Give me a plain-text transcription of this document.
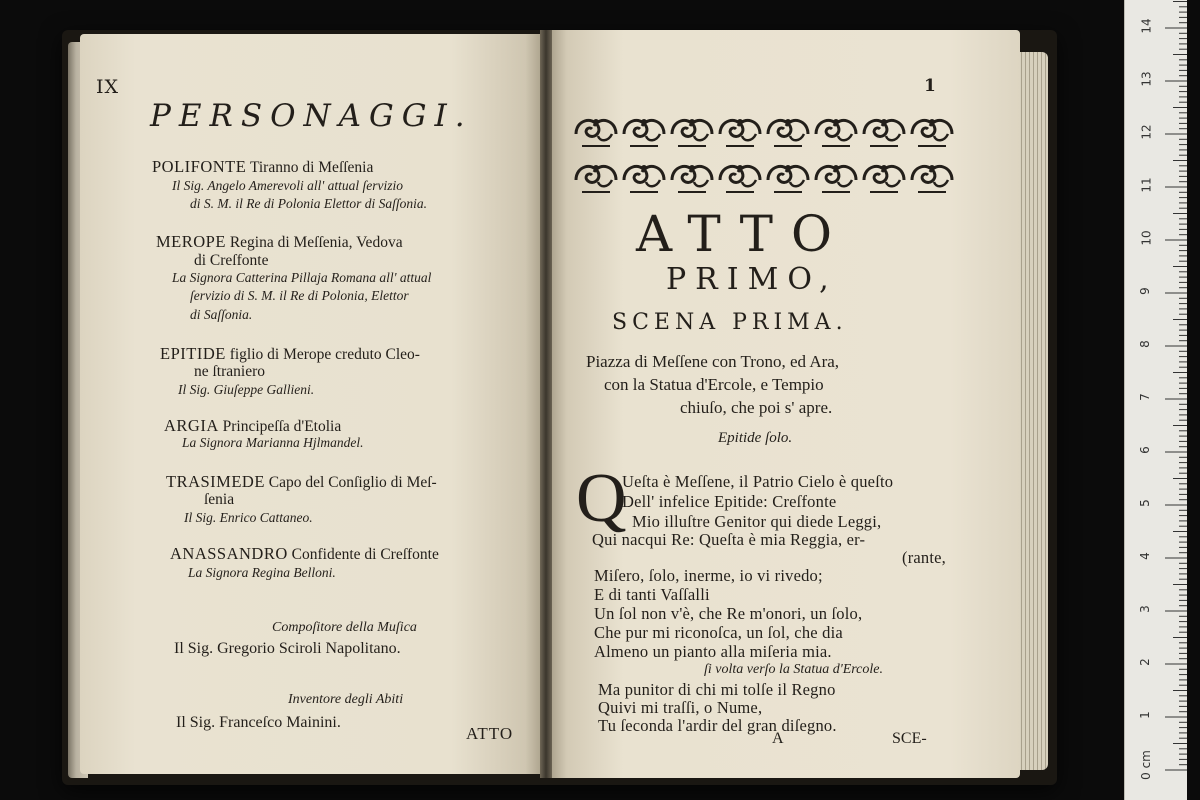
IX
PERSONAGGI.
POLIFONTE Tiranno di Meſſenia
Il Sig. Angelo Amerevoli all' attual ſervizio
di S. M. il Re di Polonia Elettor di Saſſonia.
MEROPE Regina di Meſſenia, Vedova
di Creſfonte
La Signora Catterina Pillaja Romana all' attual
ſervizio di S. M. il Re di Polonia, Elettor
di Saſſonia.
EPITIDE figlio di Merope creduto Cleo-
ne ſtraniero
Il Sig. Giuſeppe Gallieni.
ARGIA Principeſſa d'Etolia
La Signora Marianna Hjlmandel.
TRASIMEDE Capo del Conſiglio di Meſ-
ſenia
Il Sig. Enrico Cattaneo.
ANASSANDRO Confidente di Creſfonte
La Signora Regina Belloni.
Compoſitore della Muſica
Il Sig. Gregorio Sciroli Napolitano.
Inventore degli Abiti
Il Sig. Franceſco Mainini.
ATTO
1
ATTO
PRIMO,
SCENA PRIMA.
Piazza di Meſſene con Trono, ed Ara,
con la Statua d'Ercole, e Tempio
chiuſo, che poi s' apre.
Epitide ſolo.
Q
Ueſta è Meſſene, il Patrio Cielo è queſto
Dell' infelice Epitide: Creſfonte
Mio illuſtre Genitor qui diede Leggi,
Qui nacqui Re: Queſta è mia Reggia, er-
(rante,
Miſero, ſolo, inerme, io vi rivedo;
E di tanti Vaſſalli
Un ſol non v'è, che Re m'onori, un ſolo,
Che pur mi riconoſca, un ſol, che dia
Almeno un pianto alla miſeria mia.
ſi volta verſo la Statua d'Ercole.
Ma punitor di chi mi tolſe il Regno
Quivi mi traſſi, o Nume,
Tu ſeconda l'ardir del gran diſegno.
A	SCE-
0 cm
1
2
3
4
5
6
7
8
9
10
11
12
13
14
